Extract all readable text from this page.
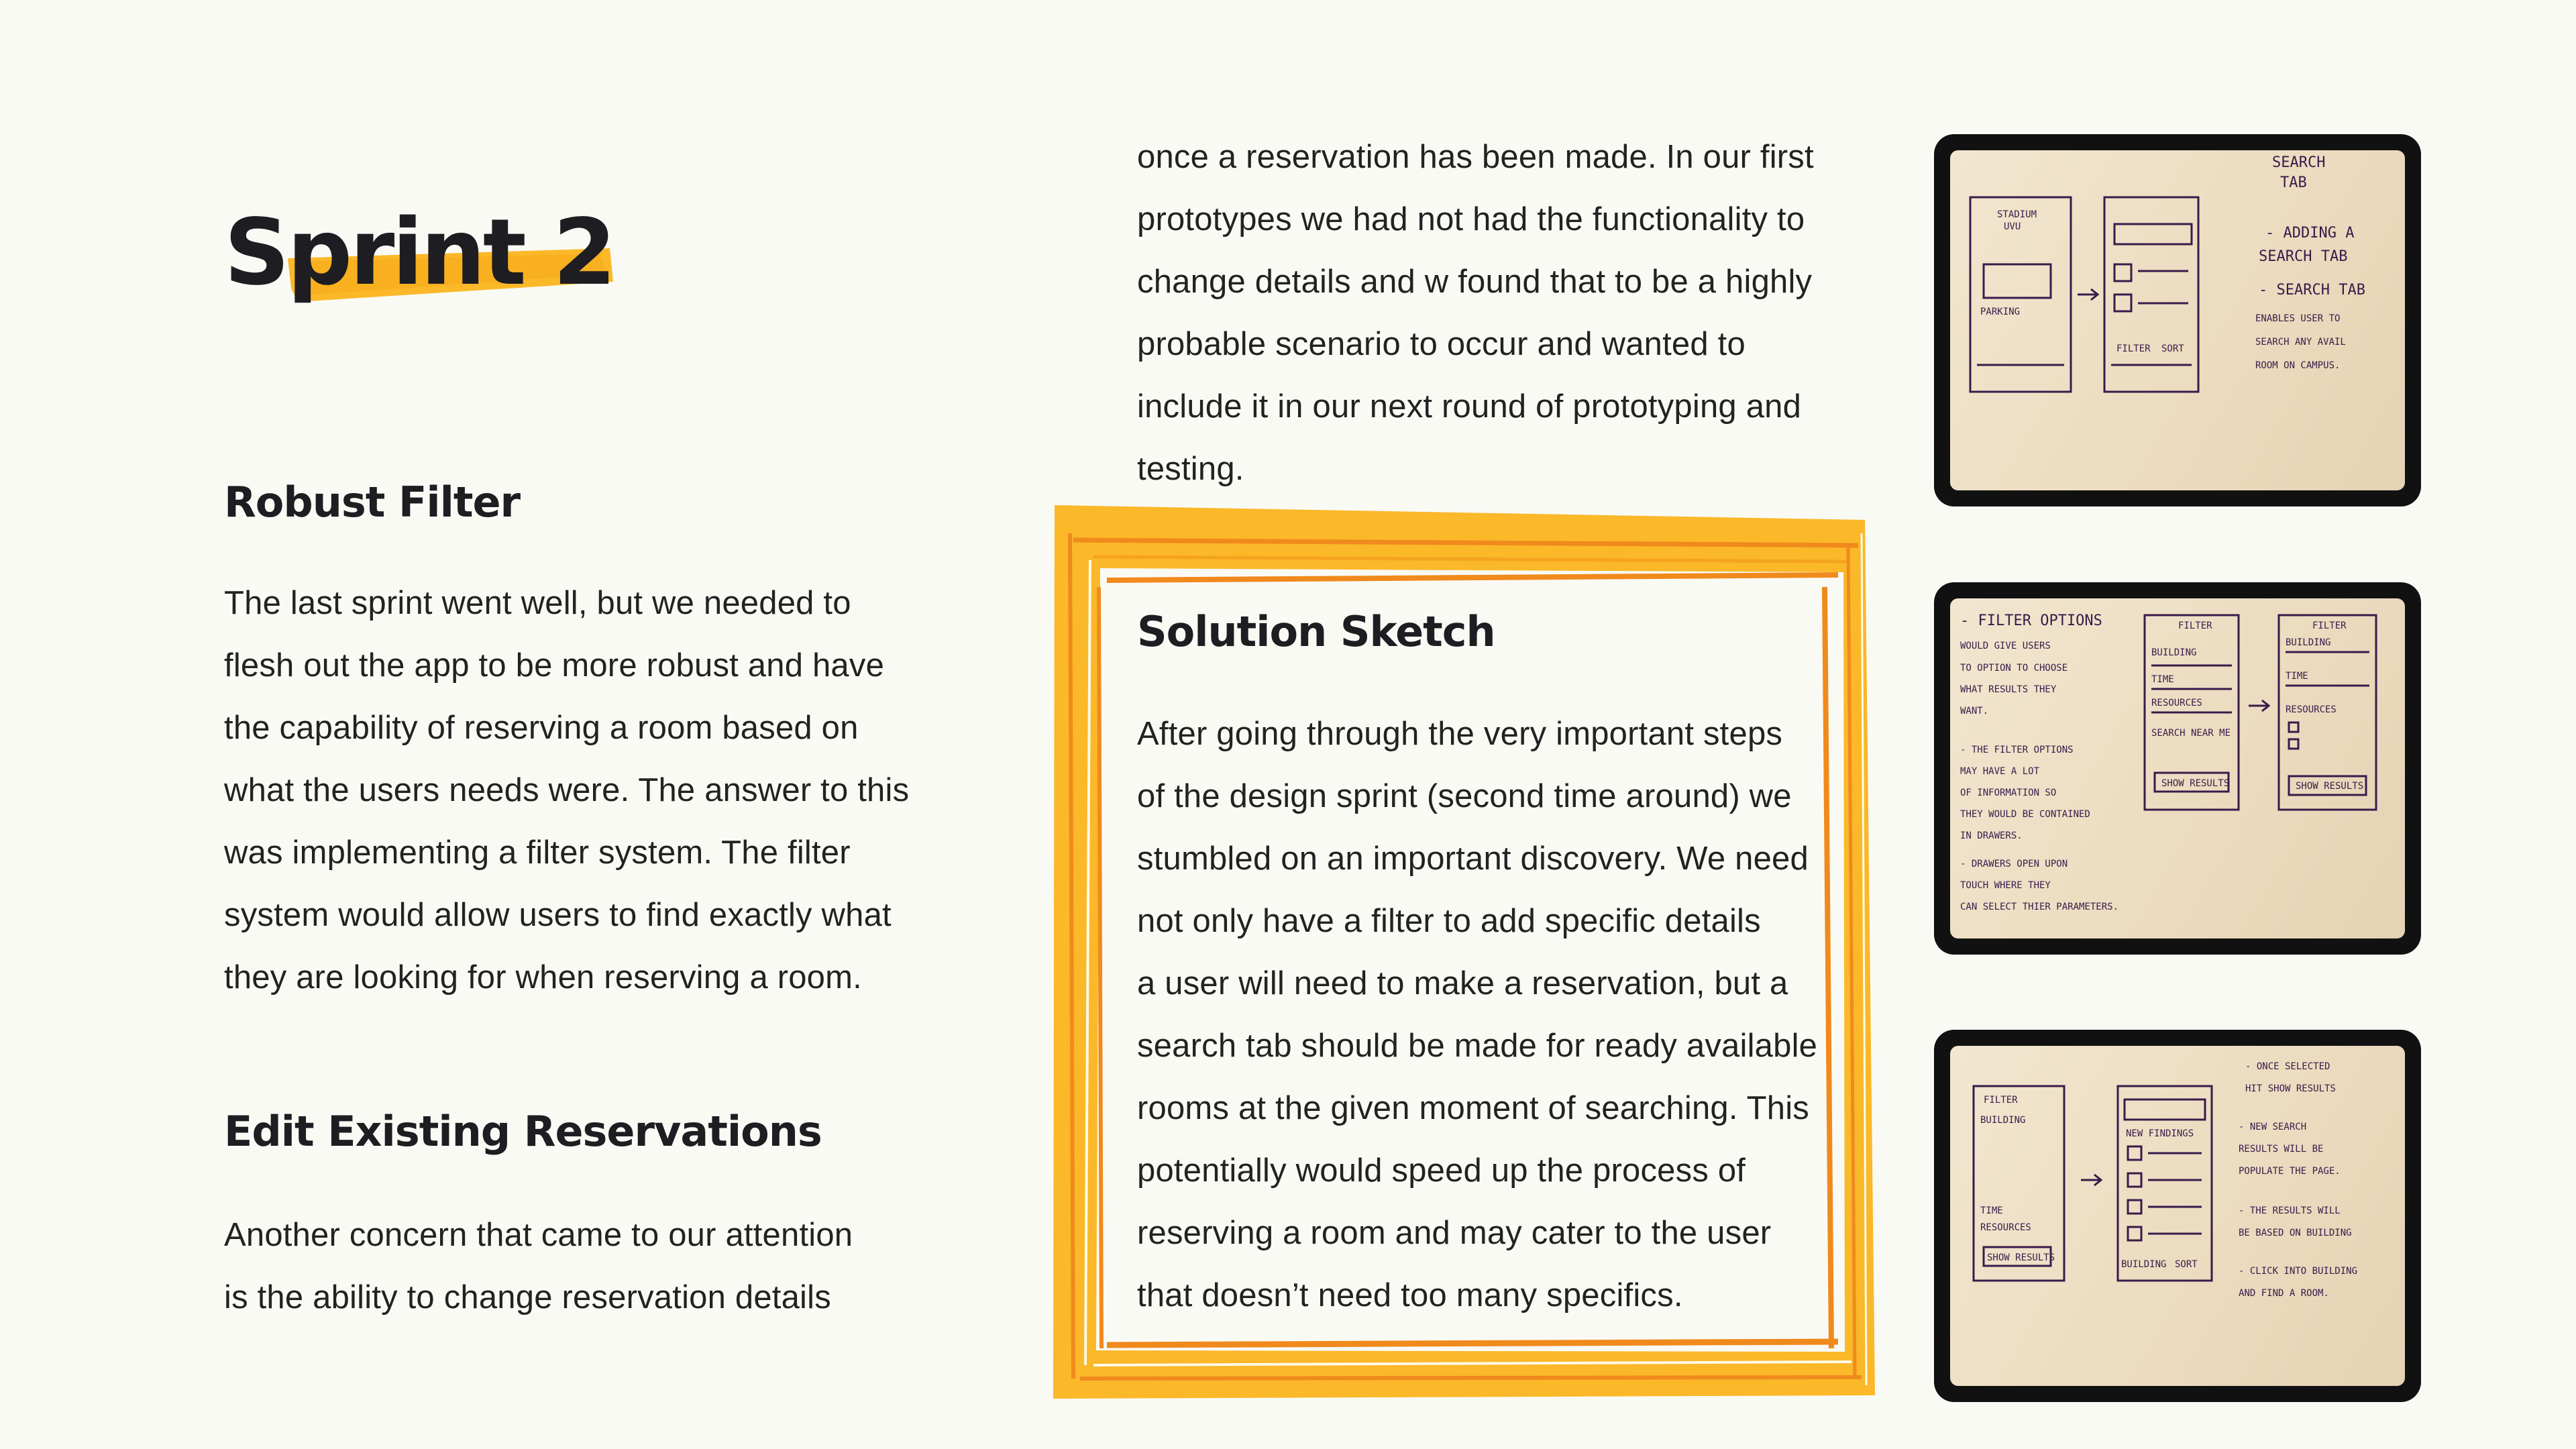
Sprint 2
Robust Filter
The last sprint went well, but we needed to
flesh out the app to be more robust and have
the capability of reserving a room based on
what the users needs were. The answer to this
was implementing a filter system. The filter
system would allow users to find exactly what
they are looking for when reserving a room.
Edit Existing Reservations
Another concern that came to our attention
is the ability to change reservation details
once a reservation has been made. In our first
prototypes we had not had the functionality to
change details and w found that to be a highly
probable scenario to occur and wanted to
include it in our next round of prototyping and
testing.
Solution Sketch
After going through the very important steps
of the design sprint (second time around) we
stumbled on an important discovery. We need
not only have a filter to add specific details
a user will need to make a reservation, but a
search tab should be made for ready available
rooms at the given moment of searching. This
potentially would speed up the process of
reserving a room and may cater to the user
that doesn’t need too many specifics.
STADIUM
UVU
PARKING
FILTER SORT
SEARCH
TAB
- ADDING A
SEARCH TAB
- SEARCH TAB
ENABLES USER TO
SEARCH ANY AVAIL
ROOM ON CAMPUS.
FILTER
BUILDING
TIME
RESOURCES
SEARCH NEAR ME
SHOW RESULTS
FILTER
BUILDING
TIME
RESOURCES
SHOW RESULTS
- FILTER OPTIONS
WOULD GIVE USERS
TO OPTION TO CHOOSE
WHAT RESULTS THEY
WANT.
- THE FILTER OPTIONS
MAY HAVE A LOT
OF INFORMATION SO
THEY WOULD BE CONTAINED
IN DRAWERS.
- DRAWERS OPEN UPON
TOUCH WHERE THEY
CAN SELECT THIER PARAMETERS.
FILTER
BUILDING
TIME
RESOURCES
SHOW RESULTS
NEW FINDINGS
BUILDING SORT
- ONCE SELECTED
HIT SHOW RESULTS
- NEW SEARCH
RESULTS WILL BE
POPULATE THE PAGE.
- THE RESULTS WILL
BE BASED ON BUILDING
- CLICK INTO BUILDING
AND FIND A ROOM.
